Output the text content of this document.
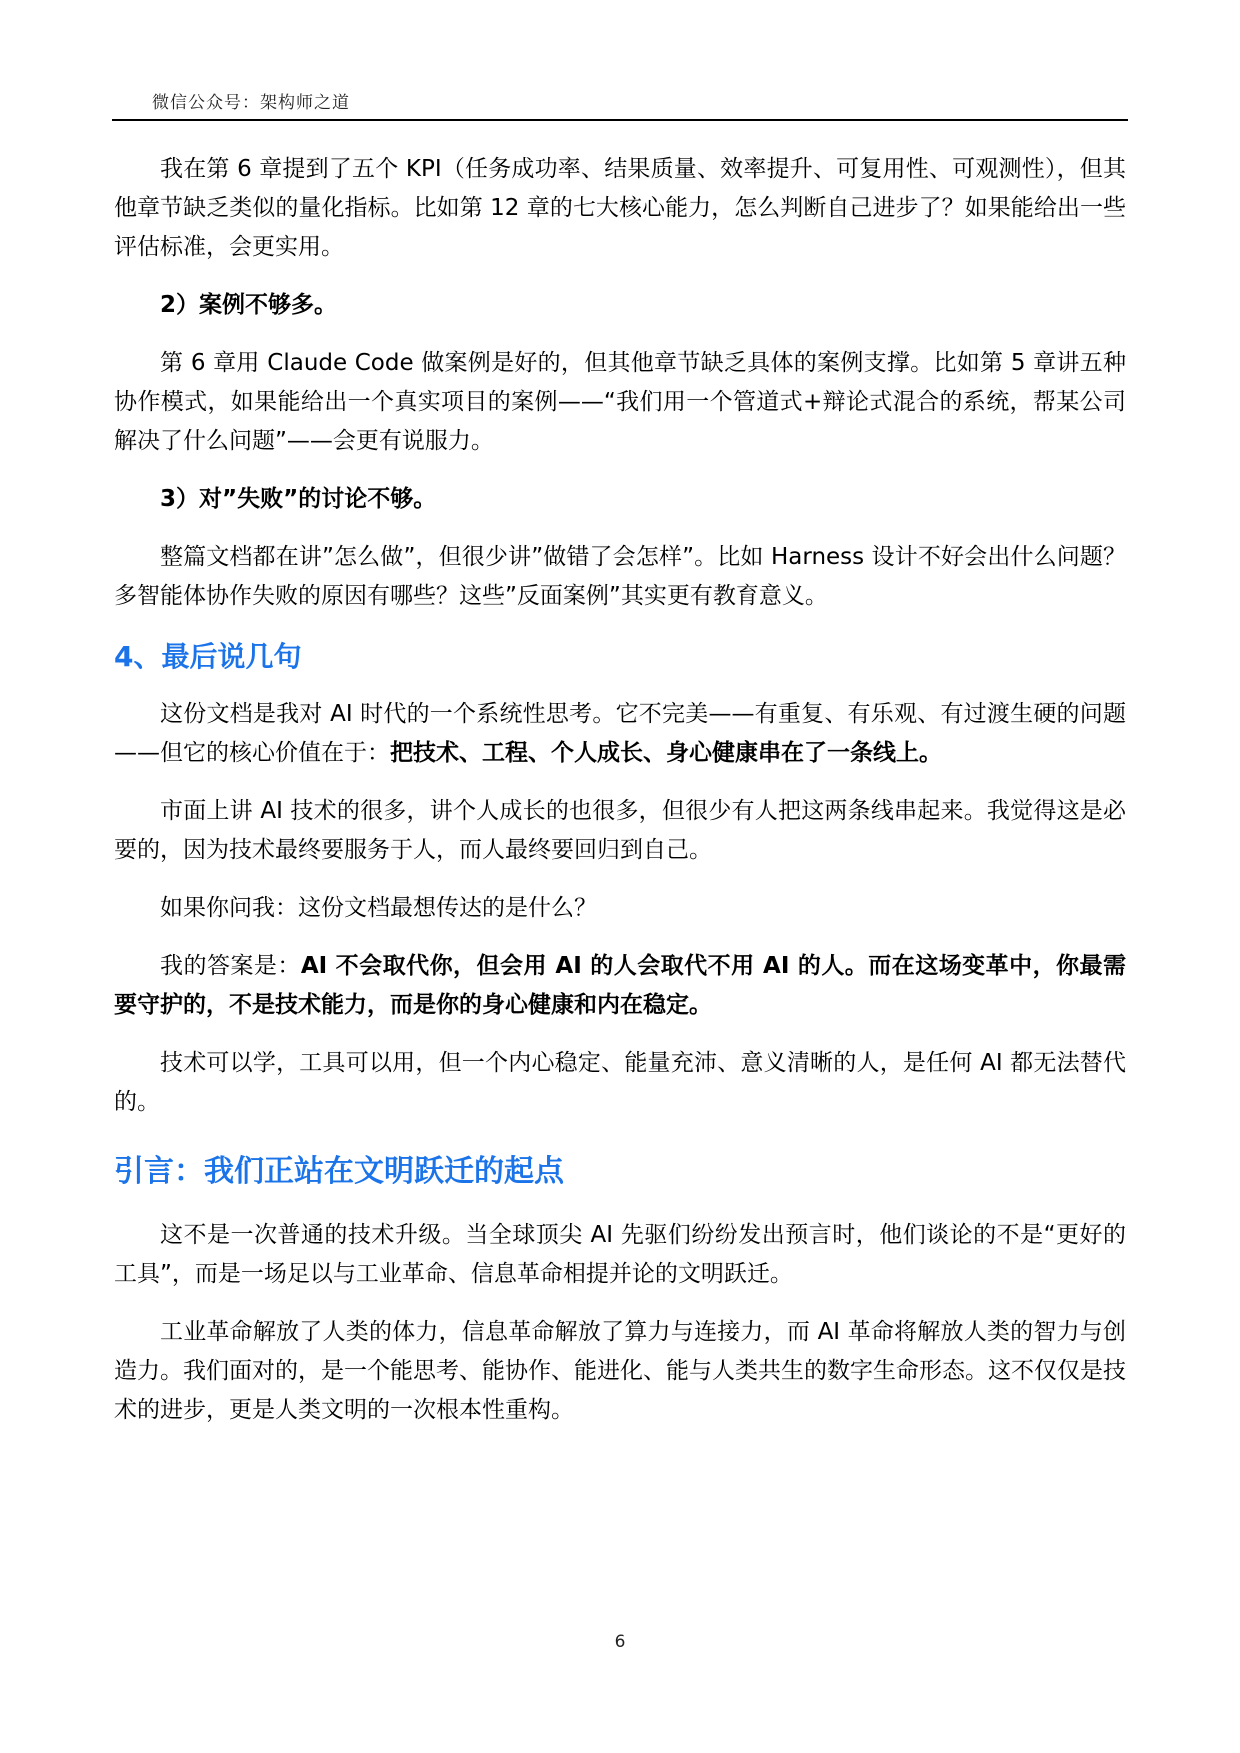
微信公众号：架构师之道

我在第 6 章提到了五个 KPI（任务成功率、结果质量、效率提升、可复用性、可观测性），但其他章节缺乏类似的量化指标。比如第 12 章的七大核心能力，怎么判断自己进步了？如果能给出一些评估标准，会更实用。

2）案例不够多。

第 6 章用 Claude Code 做案例是好的，但其他章节缺乏具体的案例支撑。比如第 5 章讲五种协作模式，如果能给出一个真实项目的案例——“我们用一个管道式+辩论式混合的系统，帮某公司解决了什么问题”——会更有说服力。

3）对”失败”的讨论不够。

整篇文档都在讲”怎么做”，但很少讲”做错了会怎样”。比如 Harness 设计不好会出什么问题？多智能体协作失败的原因有哪些？这些”反面案例”其实更有教育意义。

4、最后说几句

这份文档是我对 AI 时代的一个系统性思考。它不完美——有重复、有乐观、有过渡生硬的问题——但它的核心价值在于：把技术、工程、个人成长、身心健康串在了一条线上。

市面上讲 AI 技术的很多，讲个人成长的也很多，但很少有人把这两条线串起来。我觉得这是必要的，因为技术最终要服务于人，而人最终要回归到自己。

如果你问我：这份文档最想传达的是什么？

我的答案是：AI 不会取代你，但会用 AI 的人会取代不用 AI 的人。而在这场变革中，你最需要守护的，不是技术能力，而是你的身心健康和内在稳定。

技术可以学，工具可以用，但一个内心稳定、能量充沛、意义清晰的人，是任何 AI 都无法替代的。

引言：我们正站在文明跃迁的起点

这不是一次普通的技术升级。当全球顶尖 AI 先驱们纷纷发出预言时，他们谈论的不是“更好的工具”，而是一场足以与工业革命、信息革命相提并论的文明跃迁。

工业革命解放了人类的体力，信息革命解放了算力与连接力，而 AI 革命将解放人类的智力与创造力。我们面对的，是一个能思考、能协作、能进化、能与人类共生的数字生命形态。这不仅仅是技术的进步，更是人类文明的一次根本性重构。

6
